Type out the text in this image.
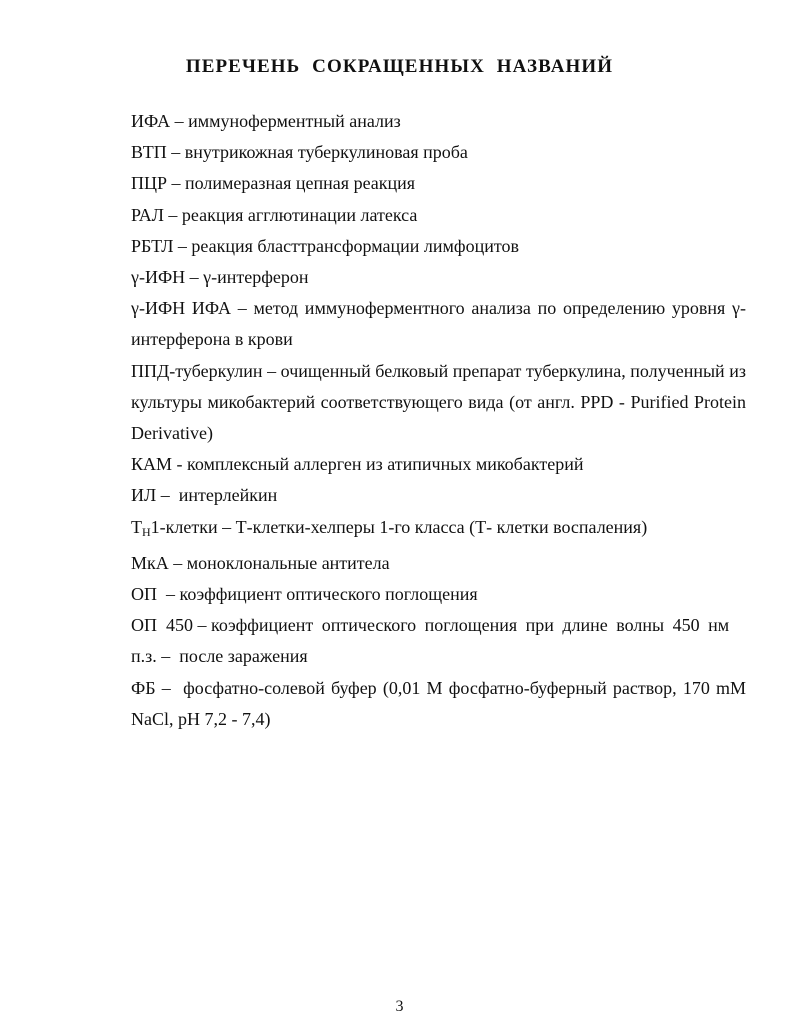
ПЕРЕЧЕНЬ СОКРАЩЕННЫХ НАЗВАНИЙ
ИФА – иммуноферментный анализ
ВТП – внутрикожная туберкулиновая проба
ПЦР – полимеразная цепная реакция
РАЛ – реакция агглютинации латекса
РБТЛ – реакция бласттрансформации лимфоцитов
γ-ИФН – γ-интерферон
γ-ИФН ИФА – метод иммуноферментного анализа по определению уровня γ-интерферона в крови
ППД-туберкулин – очищенный белковый препарат туберкулина, полученный из культуры микобактерий соответствующего вида (от англ. PPD - Purified Protein Derivative)
КАМ - комплексный аллерген из атипичных микобактерий
ИЛ –  интерлейкин
$T_H1$-клетки – Т-клетки-хелперы 1-го класса (Т- клетки воспаления)
МкА – моноклональные антитела
ОП  – коэффициент оптического поглощения
ОП  450 – коэффициент оптического поглощения при длине волны 450 нм
п.з. –  после заражения
ФБ –  фосфатно-солевой буфер (0,01 М фосфатно-буферный раствор, 170 mM NaCl, pH 7,2 - 7,4)
3
